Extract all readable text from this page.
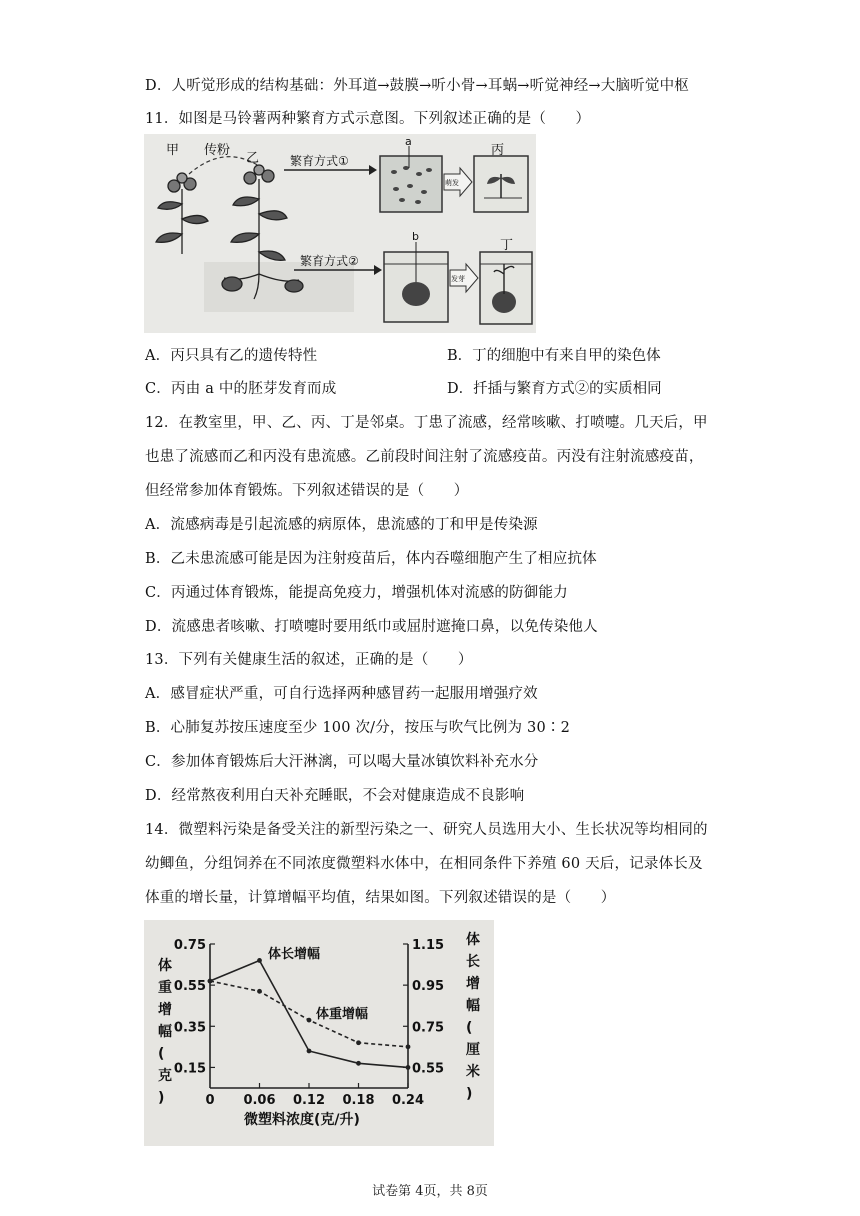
D．人听觉形成的结构基础：外耳道→鼓膜→听小骨→耳蜗→听觉神经→大脑听觉中枢
11．如图是马铃薯两种繁育方式示意图。下列叙述正确的是（　　）
甲 传粉
乙	繁育方式①
繁育方式②
a
萌发
丙
b
发芽
丁
A．丙只具有乙的遗传特性	B．丁的细胞中有来自甲的染色体
C．丙由 a 中的胚芽发育而成	D．扦插与繁育方式②的实质相同
12．在教室里，甲、乙、丙、丁是邻桌。丁患了流感，经常咳嗽、打喷嚏。几天后，甲
也患了流感而乙和丙没有患流感。乙前段时间注射了流感疫苗。丙没有注射流感疫苗，
但经常参加体育锻炼。下列叙述错误的是（　　）
A．流感病毒是引起流感的病原体，患流感的丁和甲是传染源
B．乙未患流感可能是因为注射疫苗后，体内吞噬细胞产生了相应抗体
C．丙通过体育锻炼，能提高免疫力，增强机体对流感的防御能力
D．流感患者咳嗽、打喷嚏时要用纸巾或屈肘遮掩口鼻，以免传染他人
13．下列有关健康生活的叙述，正确的是（　　）
A．感冒症状严重，可自行选择两种感冒药一起服用增强疗效
B．心肺复苏按压速度至少 100 次/分，按压与吹气比例为 30∶2
C．参加体育锻炼后大汗淋漓，可以喝大量冰镇饮料补充水分
D．经常熬夜利用白天补充睡眠，不会对健康造成不良影响
14．微塑料污染是备受关注的新型污染之一、研究人员选用大小、生长状况等均相同的
幼鲫鱼，分组饲养在不同浓度微塑料水体中，在相同条件下养殖 60 天后，记录体长及
体重的增长量，计算增幅平均值，结果如图。下列叙述错误的是（　　）
0 0.06 0.12 0.18 0.24
0.75
0.55
0.35
0.15
1.15
0.95
0.75
0.55
体重增幅(克)
体长增幅(厘米)
微塑料浓度(克/升)
体长增幅
体重增幅
试卷第 4页，共 8页
